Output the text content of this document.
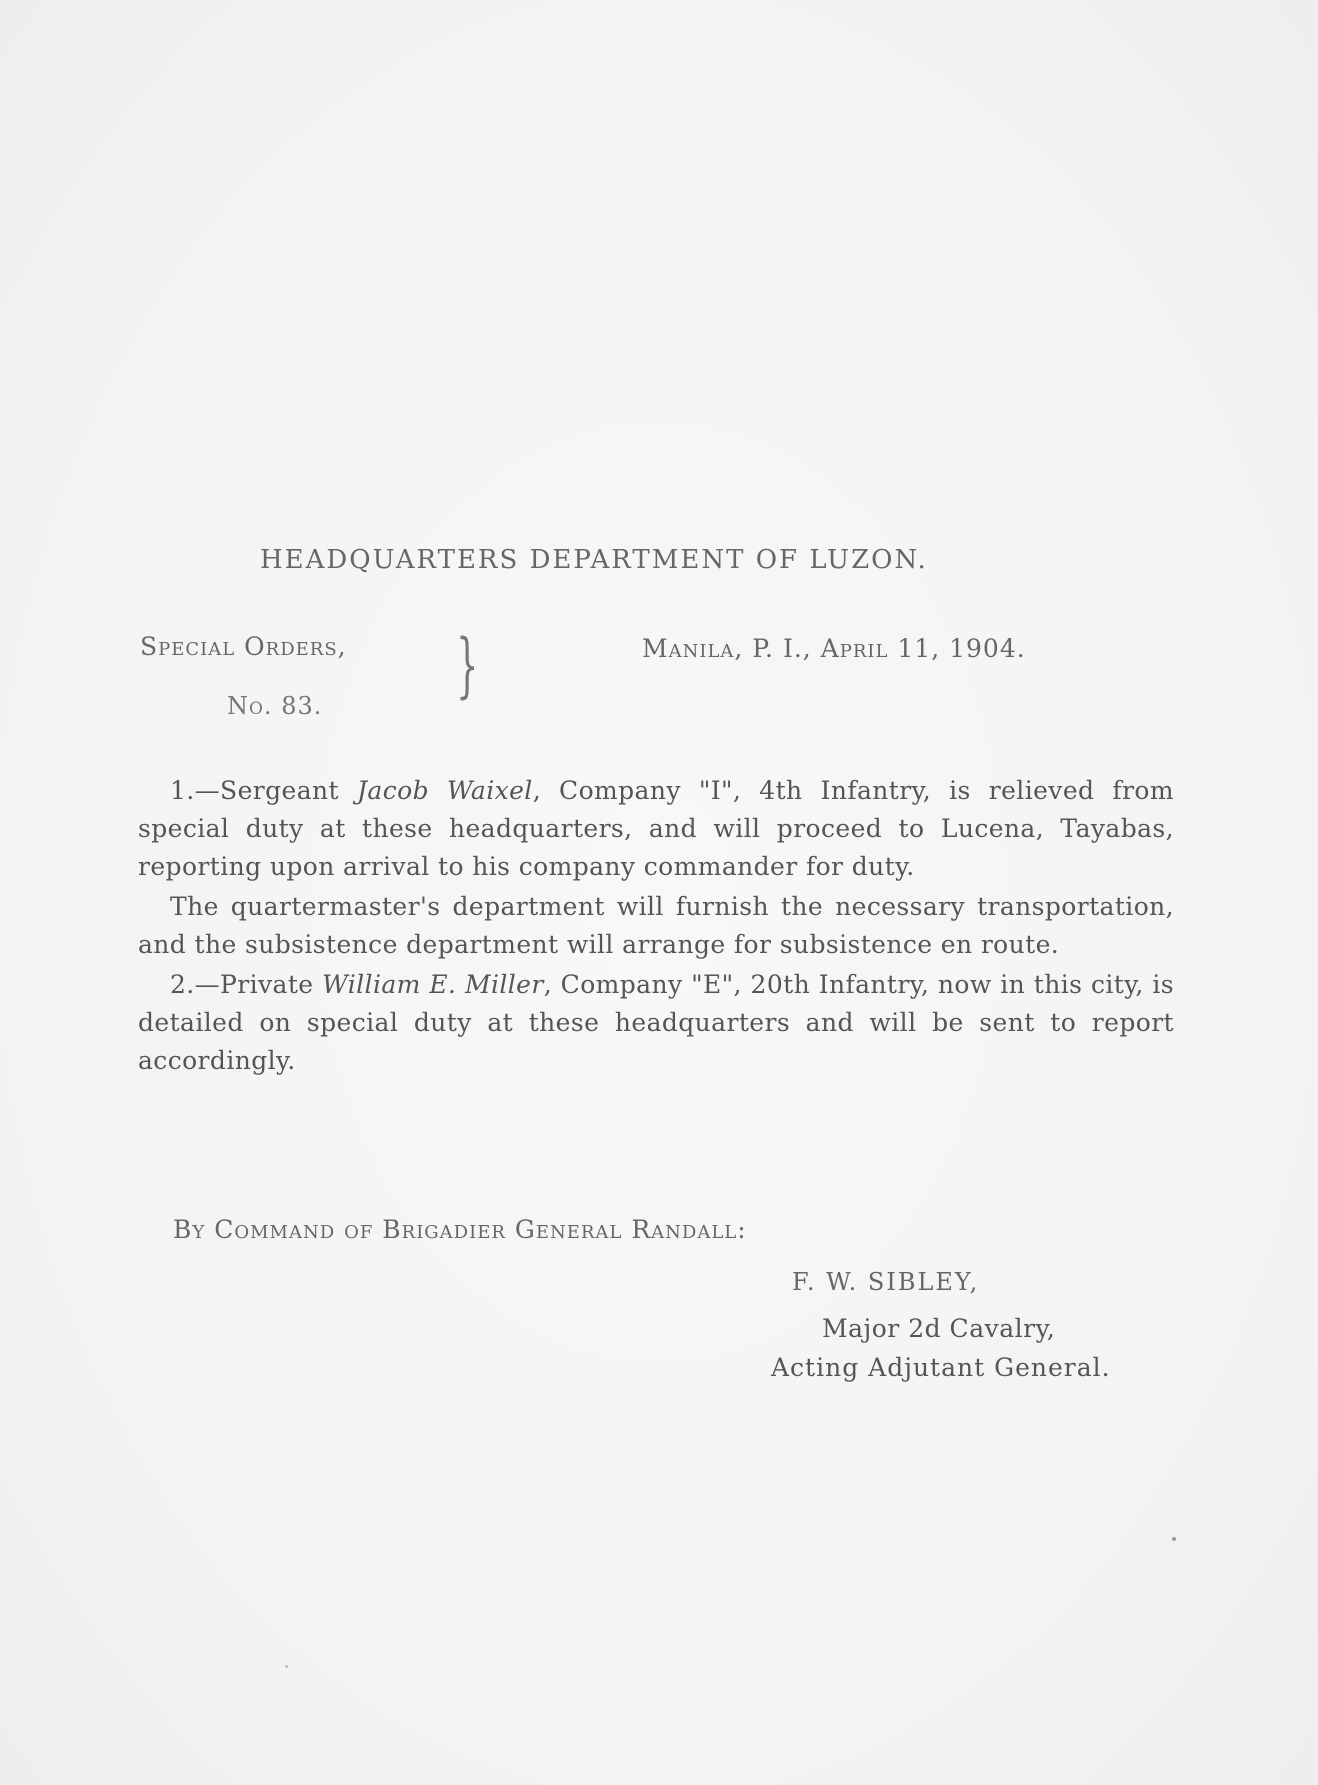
HEADQUARTERS DEPARTMENT OF LUZON.
Special Orders,
No. 83. }	Manila, P. I., April 11, 1904.

1.—Sergeant Jacob Waixel, Company "I", 4th Infantry, is relieved from special duty at these headquarters, and will proceed to Lucena, Tayabas, reporting upon arrival to his company commander for duty.

The quartermaster's department will furnish the necessary transportation, and the subsistence department will arrange for subsistence en route.

2.—Private William E. Miller, Company "E", 20th Infantry, now in this city, is detailed on special duty at these headquarters and will be sent to report accordingly.

By Command of Brigadier General Randall:
F. W. SIBLEY,
Major 2d Cavalry,
Acting Adjutant General.
